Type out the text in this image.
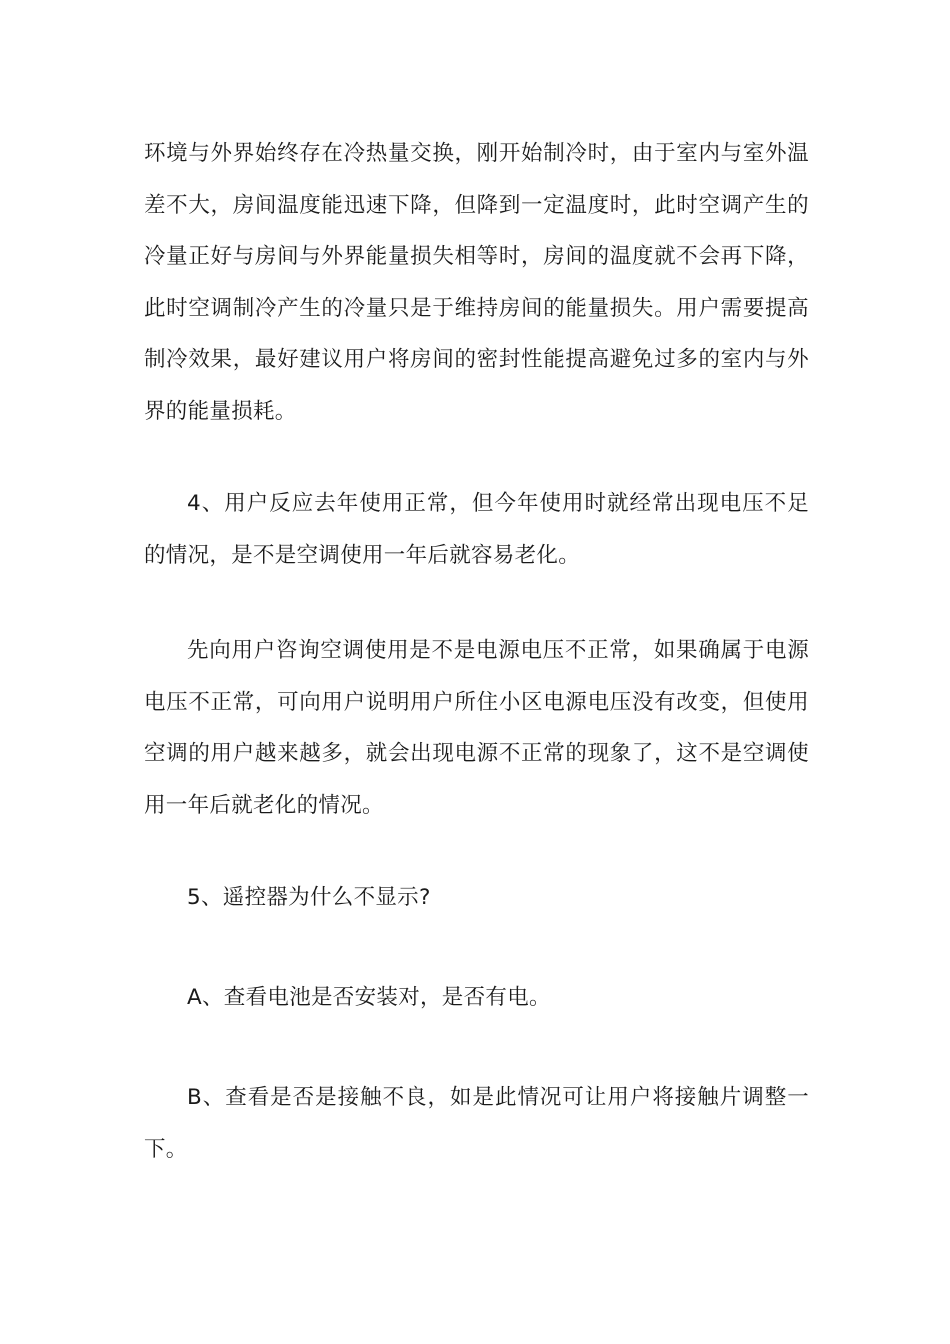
环境与外界始终存在冷热量交换，刚开始制冷时，由于室内与室外温差不大，房间温度能迅速下降，但降到一定温度时，此时空调产生的冷量正好与房间与外界能量损失相等时，房间的温度就不会再下降，此时空调制冷产生的冷量只是于维持房间的能量损失。用户需要提高制冷效果，最好建议用户将房间的密封性能提高避免过多的室内与外界的能量损耗。

4、用户反应去年使用正常，但今年使用时就经常出现电压不足的情况，是不是空调使用一年后就容易老化。

先向用户咨询空调使用是不是电源电压不正常，如果确属于电源电压不正常，可向用户说明用户所住小区电源电压没有改变，但使用空调的用户越来越多，就会出现电源不正常的现象了，这不是空调使用一年后就老化的情况。

5、遥控器为什么不显示?

A、查看电池是否安装对，是否有电。

B、查看是否是接触不良，如是此情况可让用户将接触片调整一下。
